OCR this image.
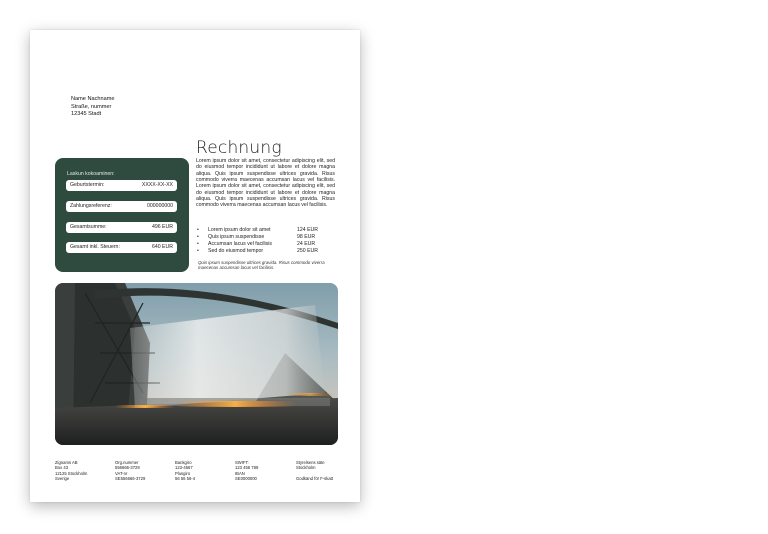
Name Nachname
Straße, nummer
12345 Stadt
Laskun kokoaminen:
Geburtstermin:	XXXX-XX-XX
Zahlungsreferenz:	000000000
Gesamtsumme:	496 EUR
Gesamt inkl. Steuern:	640 EUR
Rechnung
Lorem ipsum dolor sit amet, consectetur adipiscing elit, sed do eiusmod tempor incididunt ut labore et dolore magna aliqua. Quis ipsum suspendisse ultrices gravida. Risus commodo viverra maecenas accumsan lacus vel facilisis. Lorem ipsum dolor sit amet, consectetur adipiscing elit, sed do eiusmod tempor incididunt ut labore et dolore magna aliqua. Quis ipsum suspendisse ultrices gravida. Risus commodo viverra maecenas accumsan lacus vel facilisis.
• Lorem ipsum dolor sit amet	124 EUR
• Quis ipsum suspendisse	98 EUR
• Accumsan lacus vel facilisis	24 EUR
• Sed do eiusmod tempor	250 EUR
Quis ipsum suspendisse ultrices gravida. Risus commodo viverra maecenas accumsan lacus vel facilisis.
Zignams AB
Box 43
12125 Stockholm
Sverige
Org.nummer
556666-3729
VAT-nr
SE556666-3729
Bankgiro
123-4567
Plusgiro
56 56 56-4
SWIFT:
123 456 789
IBAN
SE0000000
Styrelsens säte
Stockholm
Godkänd för F-skatt
